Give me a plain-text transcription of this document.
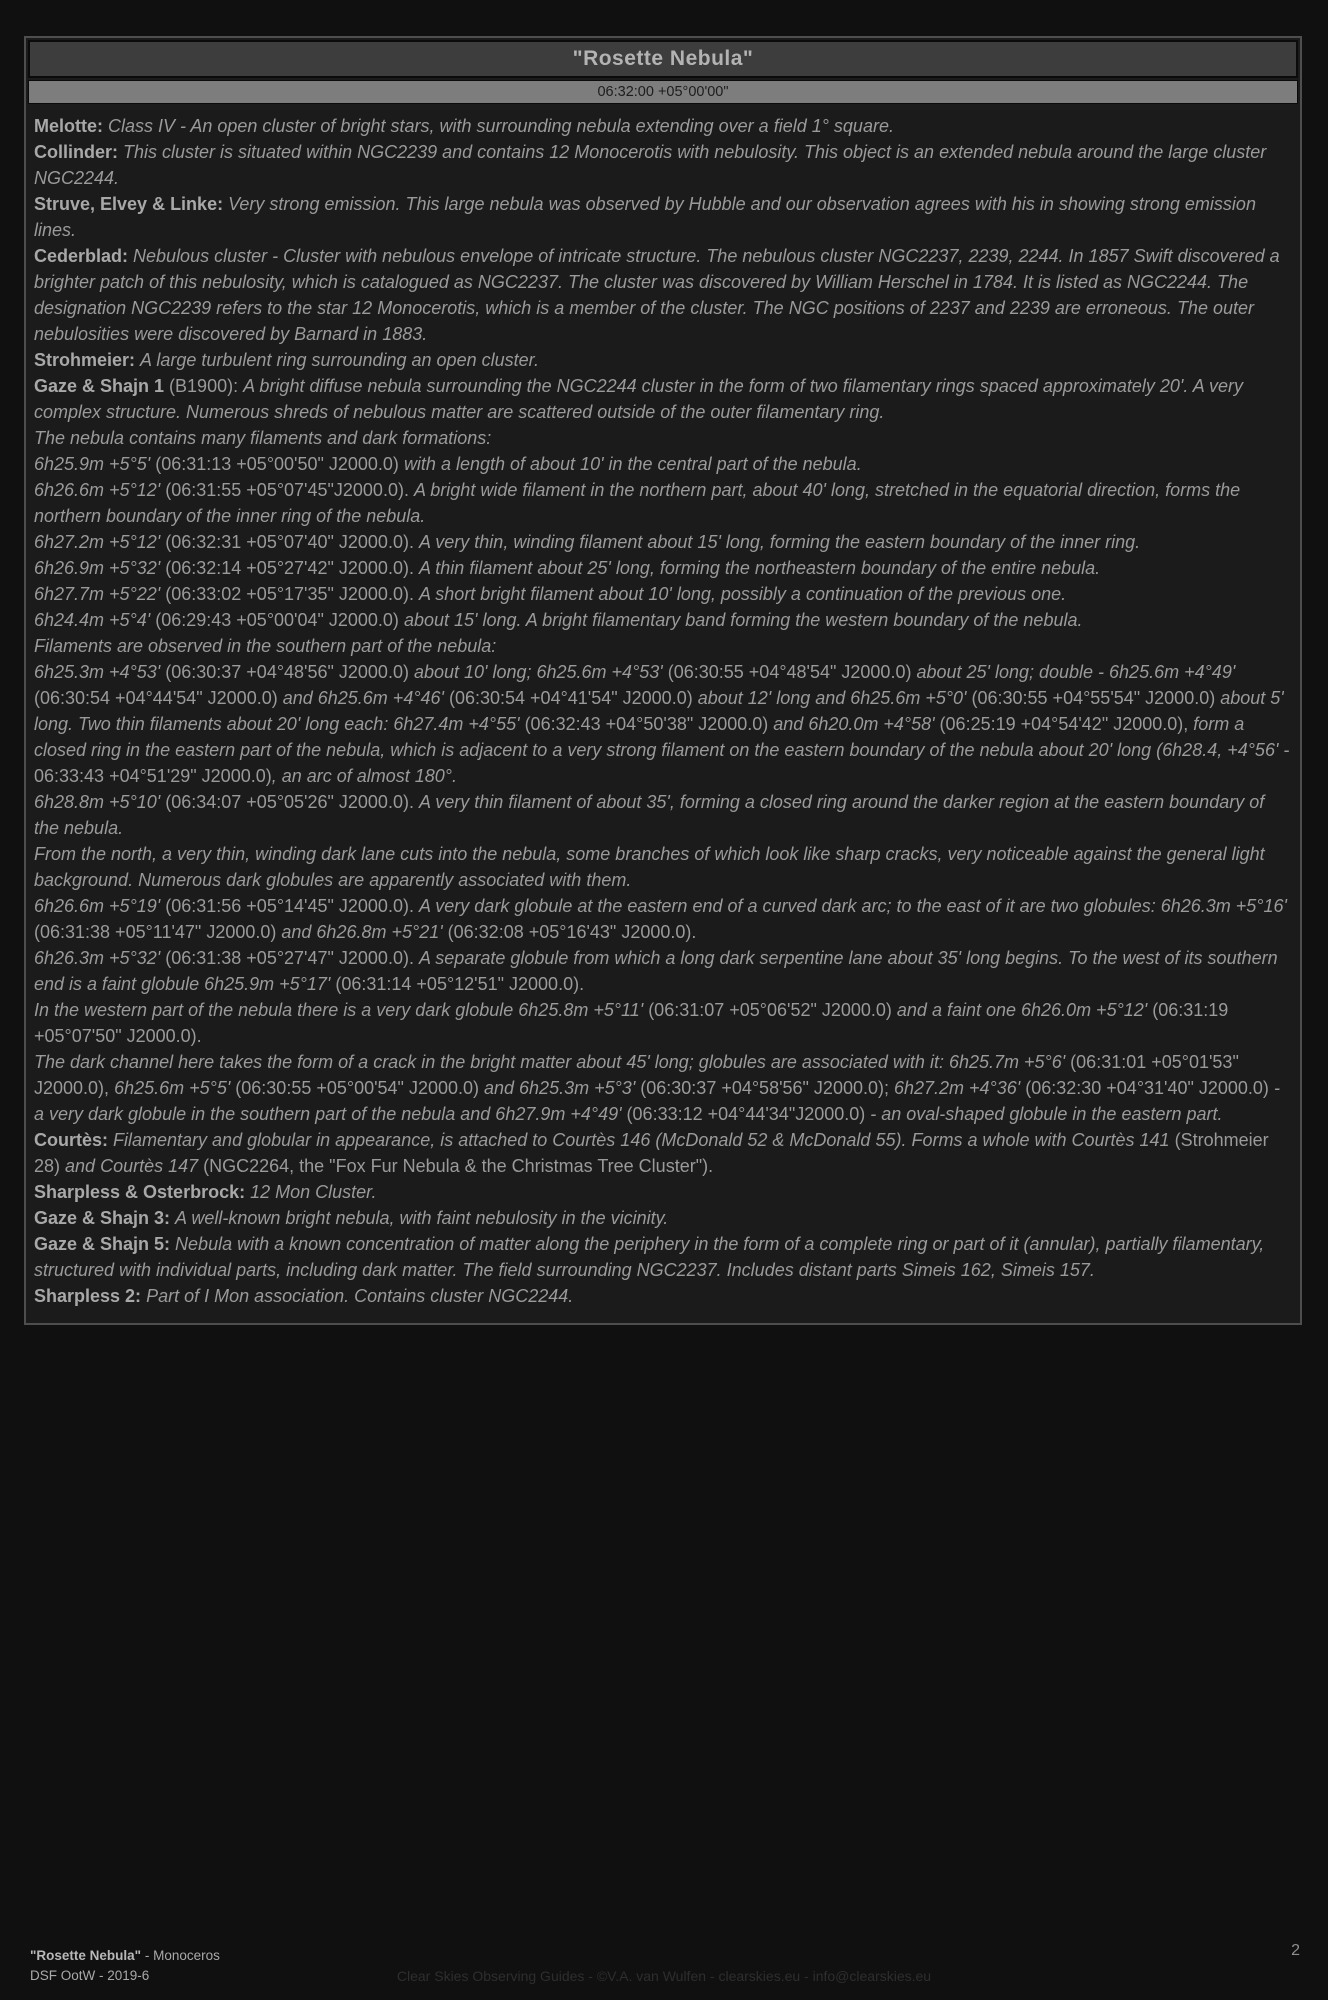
"Rosette Nebula"
06:32:00 +05°00'00"
Melotte: Class IV - An open cluster of bright stars, with surrounding nebula extending over a field 1° square.
Collinder: This cluster is situated within NGC2239 and contains 12 Monocerotis with nebulosity. This object is an extended nebula around the large cluster NGC2244.
Struve, Elvey & Linke: Very strong emission. This large nebula was observed by Hubble and our observation agrees with his in showing strong emission lines.
Cederblad: Nebulous cluster - Cluster with nebulous envelope of intricate structure. The nebulous cluster NGC2237, 2239, 2244. In 1857 Swift discovered a brighter patch of this nebulosity, which is catalogued as NGC2237. The cluster was discovered by William Herschel in 1784. It is listed as NGC2244. The designation NGC2239 refers to the star 12 Monocerotis, which is a member of the cluster. The NGC positions of 2237 and 2239 are erroneous. The outer nebulosities were discovered by Barnard in 1883.
Strohmeier: A large turbulent ring surrounding an open cluster.
Gaze & Shajn 1 (B1900): A bright diffuse nebula surrounding the NGC2244 cluster in the form of two filamentary rings spaced approximately 20'. A very complex structure. Numerous shreds of nebulous matter are scattered outside of the outer filamentary ring.
The nebula contains many filaments and dark formations:
6h25.9m +5°5' (06:31:13 +05°00'50" J2000.0) with a length of about 10' in the central part of the nebula.
6h26.6m +5°12' (06:31:55 +05°07'45"J2000.0). A bright wide filament in the northern part, about 40' long, stretched in the equatorial direction, forms the northern boundary of the inner ring of the nebula.
6h27.2m +5°12' (06:32:31 +05°07'40" J2000.0). A very thin, winding filament about 15' long, forming the eastern boundary of the inner ring.
6h26.9m +5°32' (06:32:14 +05°27'42" J2000.0). A thin filament about 25' long, forming the northeastern boundary of the entire nebula.
6h27.7m +5°22' (06:33:02 +05°17'35" J2000.0). A short bright filament about 10' long, possibly a continuation of the previous one.
6h24.4m +5°4' (06:29:43 +05°00'04" J2000.0) about 15' long. A bright filamentary band forming the western boundary of the nebula.
Filaments are observed in the southern part of the nebula:
6h25.3m +4°53' (06:30:37 +04°48'56" J2000.0) about 10' long; 6h25.6m +4°53' (06:30:55 +04°48'54" J2000.0) about 25' long; double - 6h25.6m +4°49' (06:30:54 +04°44'54" J2000.0) and 6h25.6m +4°46' (06:30:54 +04°41'54" J2000.0) about 12' long and 6h25.6m +5°0' (06:30:55 +04°55'54" J2000.0) about 5' long. Two thin filaments about 20' long each: 6h27.4m +4°55' (06:32:43 +04°50'38" J2000.0) and 6h20.0m +4°58' (06:25:19 +04°54'42" J2000.0), form a closed ring in the eastern part of the nebula, which is adjacent to a very strong filament on the eastern boundary of the nebula about 20' long (6h28.4, +4°56' - 06:33:43 +04°51'29" J2000.0), an arc of almost 180°.
6h28.8m +5°10' (06:34:07 +05°05'26" J2000.0). A very thin filament of about 35', forming a closed ring around the darker region at the eastern boundary of the nebula.
From the north, a very thin, winding dark lane cuts into the nebula, some branches of which look like sharp cracks, very noticeable against the general light background. Numerous dark globules are apparently associated with them.
6h26.6m +5°19' (06:31:56 +05°14'45" J2000.0). A very dark globule at the eastern end of a curved dark arc; to the east of it are two globules: 6h26.3m +5°16' (06:31:38 +05°11'47" J2000.0) and 6h26.8m +5°21' (06:32:08 +05°16'43" J2000.0).
6h26.3m +5°32' (06:31:38 +05°27'47" J2000.0). A separate globule from which a long dark serpentine lane about 35' long begins. To the west of its southern end is a faint globule 6h25.9m +5°17' (06:31:14 +05°12'51" J2000.0).
In the western part of the nebula there is a very dark globule 6h25.8m +5°11' (06:31:07 +05°06'52" J2000.0) and a faint one 6h26.0m +5°12' (06:31:19 +05°07'50" J2000.0).
The dark channel here takes the form of a crack in the bright matter about 45' long; globules are associated with it: 6h25.7m +5°6' (06:31:01 +05°01'53" J2000.0), 6h25.6m +5°5' (06:30:55 +05°00'54" J2000.0) and 6h25.3m +5°3' (06:30:37 +04°58'56" J2000.0); 6h27.2m +4°36' (06:32:30 +04°31'40" J2000.0) - a very dark globule in the southern part of the nebula and 6h27.9m +4°49' (06:33:12 +04°44'34"J2000.0) - an oval-shaped globule in the eastern part.
Courtès: Filamentary and globular in appearance, is attached to Courtès 146 (McDonald 52 & McDonald 55). Forms a whole with Courtès 141 (Strohmeier 28) and Courtès 147 (NGC2264, the "Fox Fur Nebula & the Christmas Tree Cluster").
Sharpless & Osterbrock: 12 Mon Cluster.
Gaze & Shajn 3: A well-known bright nebula, with faint nebulosity in the vicinity.
Gaze & Shajn 5: Nebula with a known concentration of matter along the periphery in the form of a complete ring or part of it (annular), partially filamentary, structured with individual parts, including dark matter. The field surrounding NGC2237. Includes distant parts Simeis 162, Simeis 157.
Sharpless 2: Part of I Mon association. Contains cluster NGC2244.
"Rosette Nebula" - Monoceros
DSF OotW - 2019-6	Clear Skies Observing Guides - ©V.A. van Wulfen - clearskies.eu - info@clearskies.eu
2
